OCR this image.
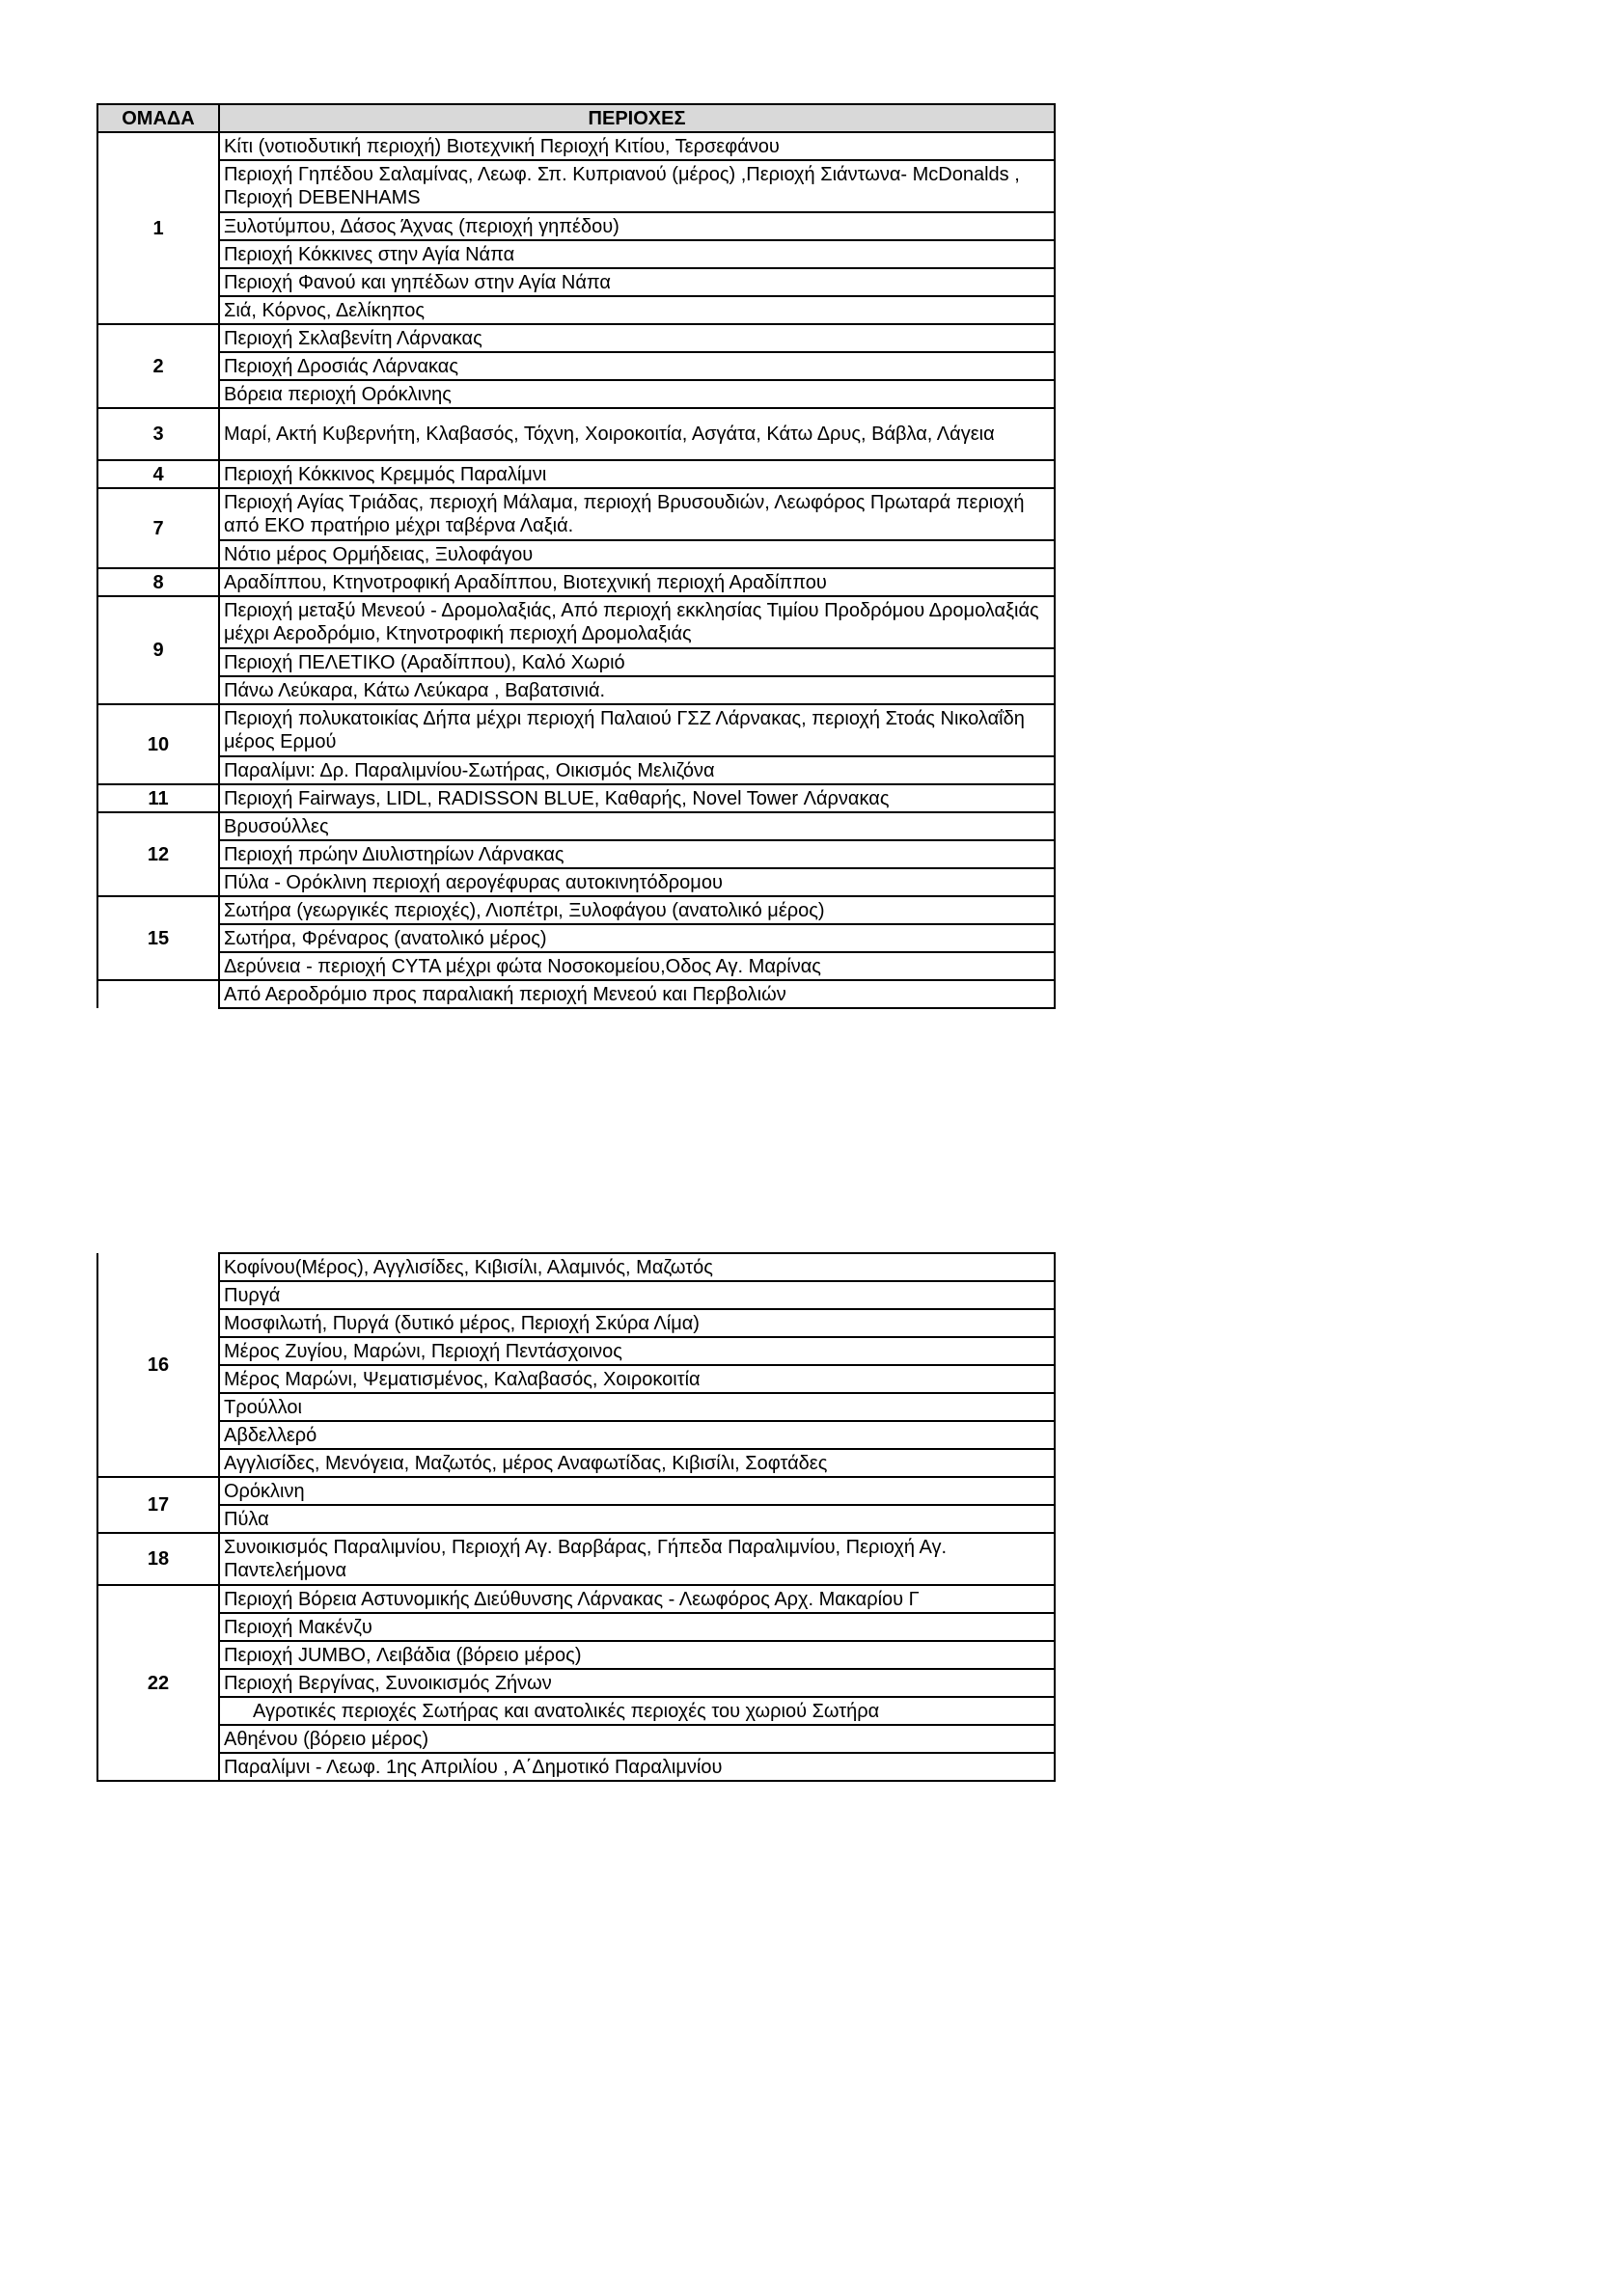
ΟΜΑΔΑ	ΠΕΡΙΟΧΕΣ
1	Κίτι (νοτιοδυτική περιοχή) Βιοτεχνική Περιοχή Κιτίου, Τερσεφάνου
	Περιοχή Γηπέδου Σαλαμίνας, Λεωφ. Σπ. Κυπριανού (μέρος) ,Περιοχή Σιάντωνα- McDonalds , Περιοχή DEBENHAMS
	Ξυλοτύμπου, Δάσος Άχνας (περιοχή γηπέδου)
	Περιοχή Κόκκινες στην Αγία Νάπα
	Περιοχή Φανού και γηπέδων στην Αγία Νάπα
	Σιά, Κόρνος, Δελίκηπος
2	Περιοχή Σκλαβενίτη Λάρνακας
	Περιοχή Δροσιάς Λάρνακας
	Βόρεια περιοχή Ορόκλινης
3	Μαρί, Ακτή Κυβερνήτη, Κλαβασός, Τόχνη, Χοιροκοιτία, Ασγάτα, Κάτω Δρυς, Βάβλα, Λάγεια
4	Περιοχή Κόκκινος Κρεμμός Παραλίμνι
7	Περιοχή Αγίας Τριάδας, περιοχή Μάλαμα, περιοχή Βρυσουδιών, Λεωφόρος Πρωταρά περιοχή από ΕΚΟ πρατήριο μέχρι ταβέρνα Λαξιά.
	Νότιο μέρος Ορμήδειας, Ξυλοφάγου
8	Αραδίππου, Κτηνοτροφική Αραδίππου, Βιοτεχνική περιοχή Αραδίππου
9	Περιοχή μεταξύ Μενεού - Δρομολαξιάς, Από περιοχή εκκλησίας Τιμίου Προδρόμου Δρομολαξιάς μέχρι Αεροδρόμιο, Κτηνοτροφική περιοχή Δρομολαξιάς
	Περιοχή ΠΕΛΕΤΙΚΟ (Αραδίππου), Καλό Χωριό
	Πάνω Λεύκαρα, Κάτω Λεύκαρα , Βαβατσινιά.
10	Περιοχή πολυκατοικίας Δήπα μέχρι περιοχή Παλαιού ΓΣΖ Λάρνακας, περιοχή Στοάς Νικολαΐδη μέρος Ερμού
	Παραλίμνι: Δρ. Παραλιμνίου-Σωτήρας, Οικισμός Μελιζόνα
11	Περιοχή Fairways, LIDL, RADISSON BLUE, Καθαρής, Novel Tower Λάρνακας
12	Βρυσούλλες
	Περιοχή πρώην Διυλιστηρίων Λάρνακας
	Πύλα - Ορόκλινη περιοχή αερογέφυρας αυτοκινητόδρομου
15	Σωτήρα (γεωργικές περιοχές), Λιοπέτρι, Ξυλοφάγου (ανατολικό μέρος)
	Σωτήρα, Φρέναρος (ανατολικό μέρος)
	Δερύνεια - περιοχή CYTA μέχρι φώτα Νοσοκομείου,Οδος Αγ. Μαρίνας
	Από Αεροδρόμιο προς παραλιακή περιοχή Μενεού και Περβολιών
16	Κοφίνου(Μέρος), Αγγλισίδες, Κιβισίλι, Αλαμινός, Μαζωτός
	Πυργά
	Μοσφιλωτή, Πυργά (δυτικό μέρος, Περιοχή Σκύρα Λίμα)
	Μέρος Ζυγίου, Μαρώνι, Περιοχή Πεντάσχοινος
	Μέρος Μαρώνι, Ψεματισμένος, Καλαβασός, Χοιροκοιτία
	Τρούλλοι
	Αβδελλερό
	Αγγλισίδες, Μενόγεια, Μαζωτός, μέρος Αναφωτίδας, Κιβισίλι, Σοφτάδες
17	Ορόκλινη
	Πύλα
18	Συνοικισμός Παραλιμνίου, Περιοχή Αγ. Βαρβάρας, Γήπεδα Παραλιμνίου, Περιοχή Αγ. Παντελεήμονα
22	Περιοχή Βόρεια Αστυνομικής Διεύθυνσης Λάρνακας - Λεωφόρος Αρχ. Μακαρίου Γ
	Περιοχή Μακένζυ
	Περιοχή JUMBO, Λειβάδια (βόρειο μέρος)
	Περιοχή Βεργίνας, Συνοικισμός Ζήνων
	Αγροτικές περιοχές Σωτήρας και ανατολικές περιοχές του χωριού Σωτήρα
	Αθηένου (βόρειο μέρος)
	Παραλίμνι - Λεωφ. 1ης Απριλίου , Α΄Δημοτικό Παραλιμνίου
